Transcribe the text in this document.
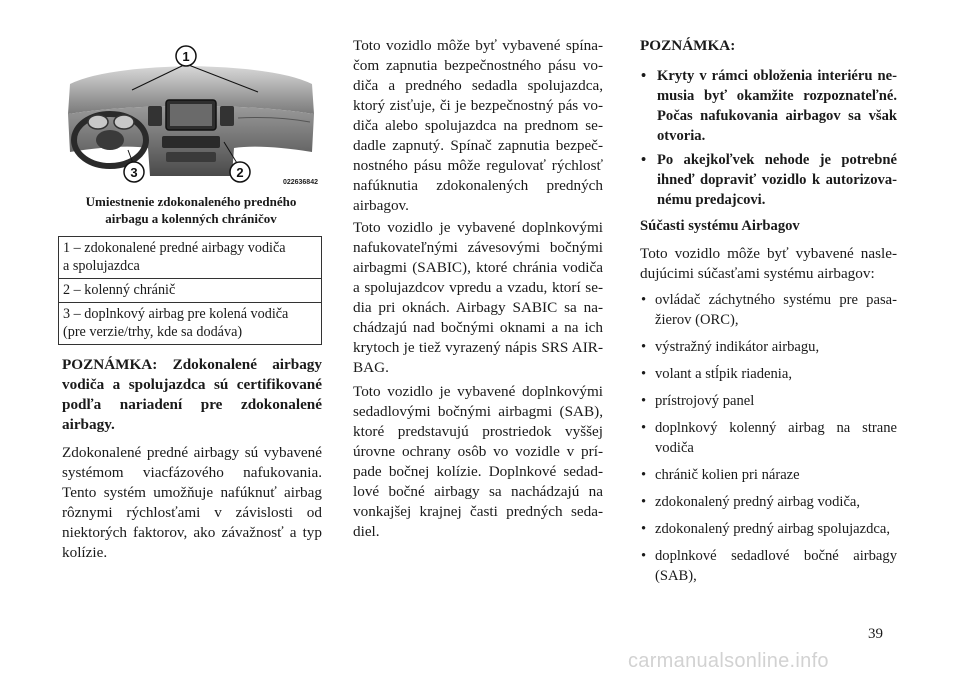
1
2
3
022636842
Umiestnenie zdokonaleného predného
airbagu a kolenných chráničov
1 – zdokonalené predné airbagy vodiča
a spolujazdca
2 – kolenný chránič
3 – doplnkový airbag pre kolená vodiča
(pre verzie/trhy, kde sa dodáva)

POZNÁMKA: Zdokonalené airbagy vodiča a spolujazdca sú certifikované podľa nariadení pre zdokonalené airbagy.

Zdokonalené predné airbagy sú vybavené systémom viacfázového nafukovania. Tento systém umožňuje nafúknuť airbag rôznymi rýchlosťami v závislosti od niektorých faktorov, ako závažnosť a typ kolízie.

Toto vozidlo môže byť vybavené spínačom zapnutia bezpečnostného pásu vodiča a predného sedadla spolujazdca, ktorý zisťuje, či je bezpečnostný pás vodiča alebo spolujazdca na prednom sedadle zapnutý. Spínač zapnutia bezpečnostného pásu môže regulovať rýchlosť nafúknutia zdokonalených predných airbagov.

Toto vozidlo je vybavené doplnkovými nafukovateľnými závesovými bočnými airbagmi (SABIC), ktoré chránia vodiča a spolujazdcov vpredu a vzadu, ktorí sedia pri oknách. Airbagy SABIC sa nachádzajú nad bočnými oknami a na ich krytoch je tiež vyrazený nápis SRS AIRBAG.

Toto vozidlo je vybavené doplnkovými sedadlovými bočnými airbagmi (SAB), ktoré predstavujú prostriedok vyššej úrovne ochrany osôb vo vozidle v prípade bočnej kolízie. Doplnkové sedadlové bočné airbagy sa nachádzajú na vonkajšej krajnej časti predných sedadiel.

POZNÁMKA:
• Kryty v rámci obloženia interiéru nemusia byť okamžite rozpoznateľné. Počas nafukovania airbagov sa však otvoria.
• Po akejkoľvek nehode je potrebné ihneď dopraviť vozidlo k autorizovanému predajcovi.
Súčasti systému Airbagov

Toto vozidlo môže byť vybavené nasledujúcimi súčasťami systému airbagov:

• ovládač záchytného systému pre pasažierov (ORC),
• výstražný indikátor airbagu,
• volant a stĺpik riadenia,
• prístrojový panel
• doplnkový kolenný airbag na strane vodiča
• chránič kolien pri náraze
• zdokonalený predný airbag vodiča,
• zdokonalený predný airbag spolujazdca,
• doplnkové sedadlové bočné airbagy (SAB),
39
carmanualsonline.info
